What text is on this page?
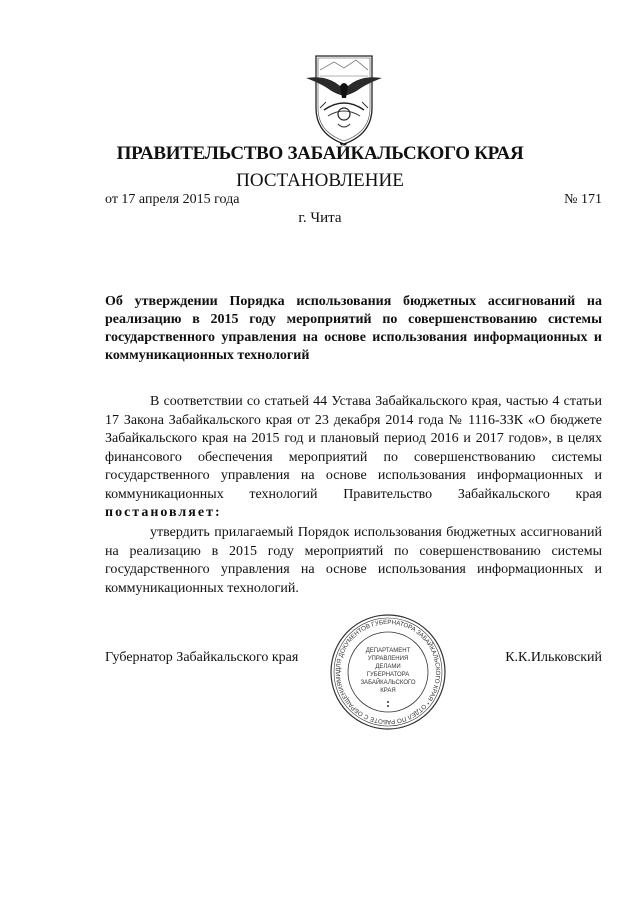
ПРАВИТЕЛЬСТВО ЗАБАЙКАЛЬСКОГО КРАЯ
ПОСТАНОВЛЕНИЕ
от 17 апреля 2015 года	№ 171
г. Чита
Об утверждении Порядка использования бюджетных ассигнований на реализацию в 2015 году мероприятий по совершенствованию системы государственного управления на основе использования информационных и коммуникационных технологий
В соответствии со статьей 44 Устава Забайкальского края, частью 4 статьи 17 Закона Забайкальского края от 23 декабря 2014 года № 1116-ЗЗК «О бюджете Забайкальского края на 2015 год и плановый период 2016 и 2017 годов», в целях финансового обеспечения мероприятий по совершенствованию системы государственного управления на основе использования информационных и коммуникационных технологий Правительство Забайкальского края постановляет:
утвердить прилагаемый Порядок использования бюджетных ассигнований на реализацию в 2015 году мероприятий по совершенствованию системы государственного управления на основе использования информационных и коммуникационных технологий.
Губернатор Забайкальского края	К.К.Ильковский
ДЛЯ ДОКУМЕНТОВ ГУБЕРНАТОРА ЗАБАЙКАЛЬСКОГО КРАЯ * ОТДЕЛ ПО РАБОТЕ С ОБРАЩЕНИЯМИ
ДЕПАРТАМЕНТ
УПРАВЛЕНИЯ
ДЕЛАМИ
ГУБЕРНАТОРА
ЗАБАЙКАЛЬСКОГО
КРАЯ
